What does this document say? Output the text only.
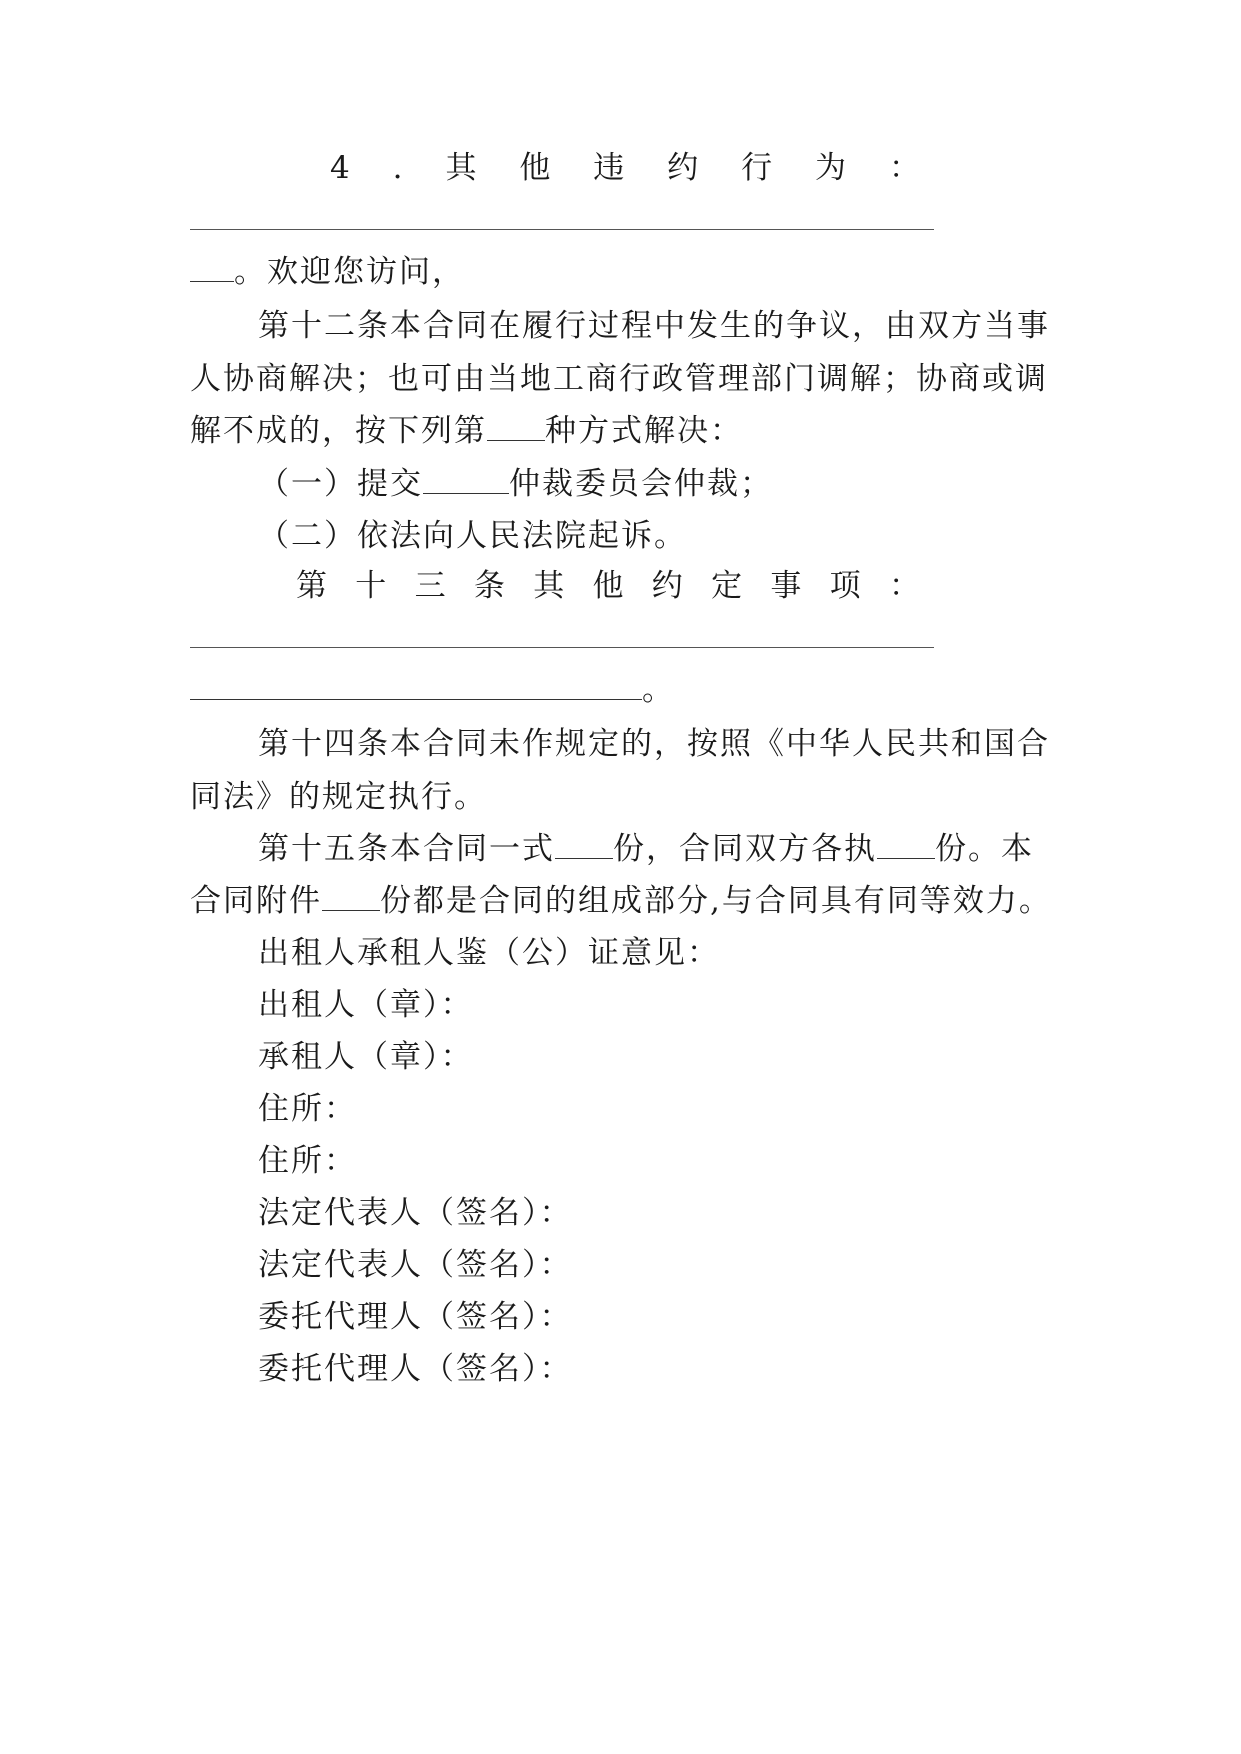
4 . 其 他 违 约 行 为 ：
。欢迎您访问，
第十二条本合同在履行过程中发生的争议，由双方当事
人协商解决；也可由当地工商行政管理部门调解；协商或调
解不成的，按下列第 种方式解决：
（一）提交	仲裁委员会仲裁；
（二）依法向人民法院起诉。
第 十 三 条 其 他 约 定 事 项 ：
。
第十四条本合同未作规定的，按照《中华人民共和国合
同法》的规定执行。
第十五条本合同一式 份，合同双方各执 份。本
合同附件 份都是合同的组成部分,与合同具有同等效力。
出租人承租人鉴（公）证意见：
出租人（章）：
承租人（章）：
住所：
住所：
法定代表人（签名）：
法定代表人（签名）：
委托代理人（签名）：
委托代理人（签名）：
